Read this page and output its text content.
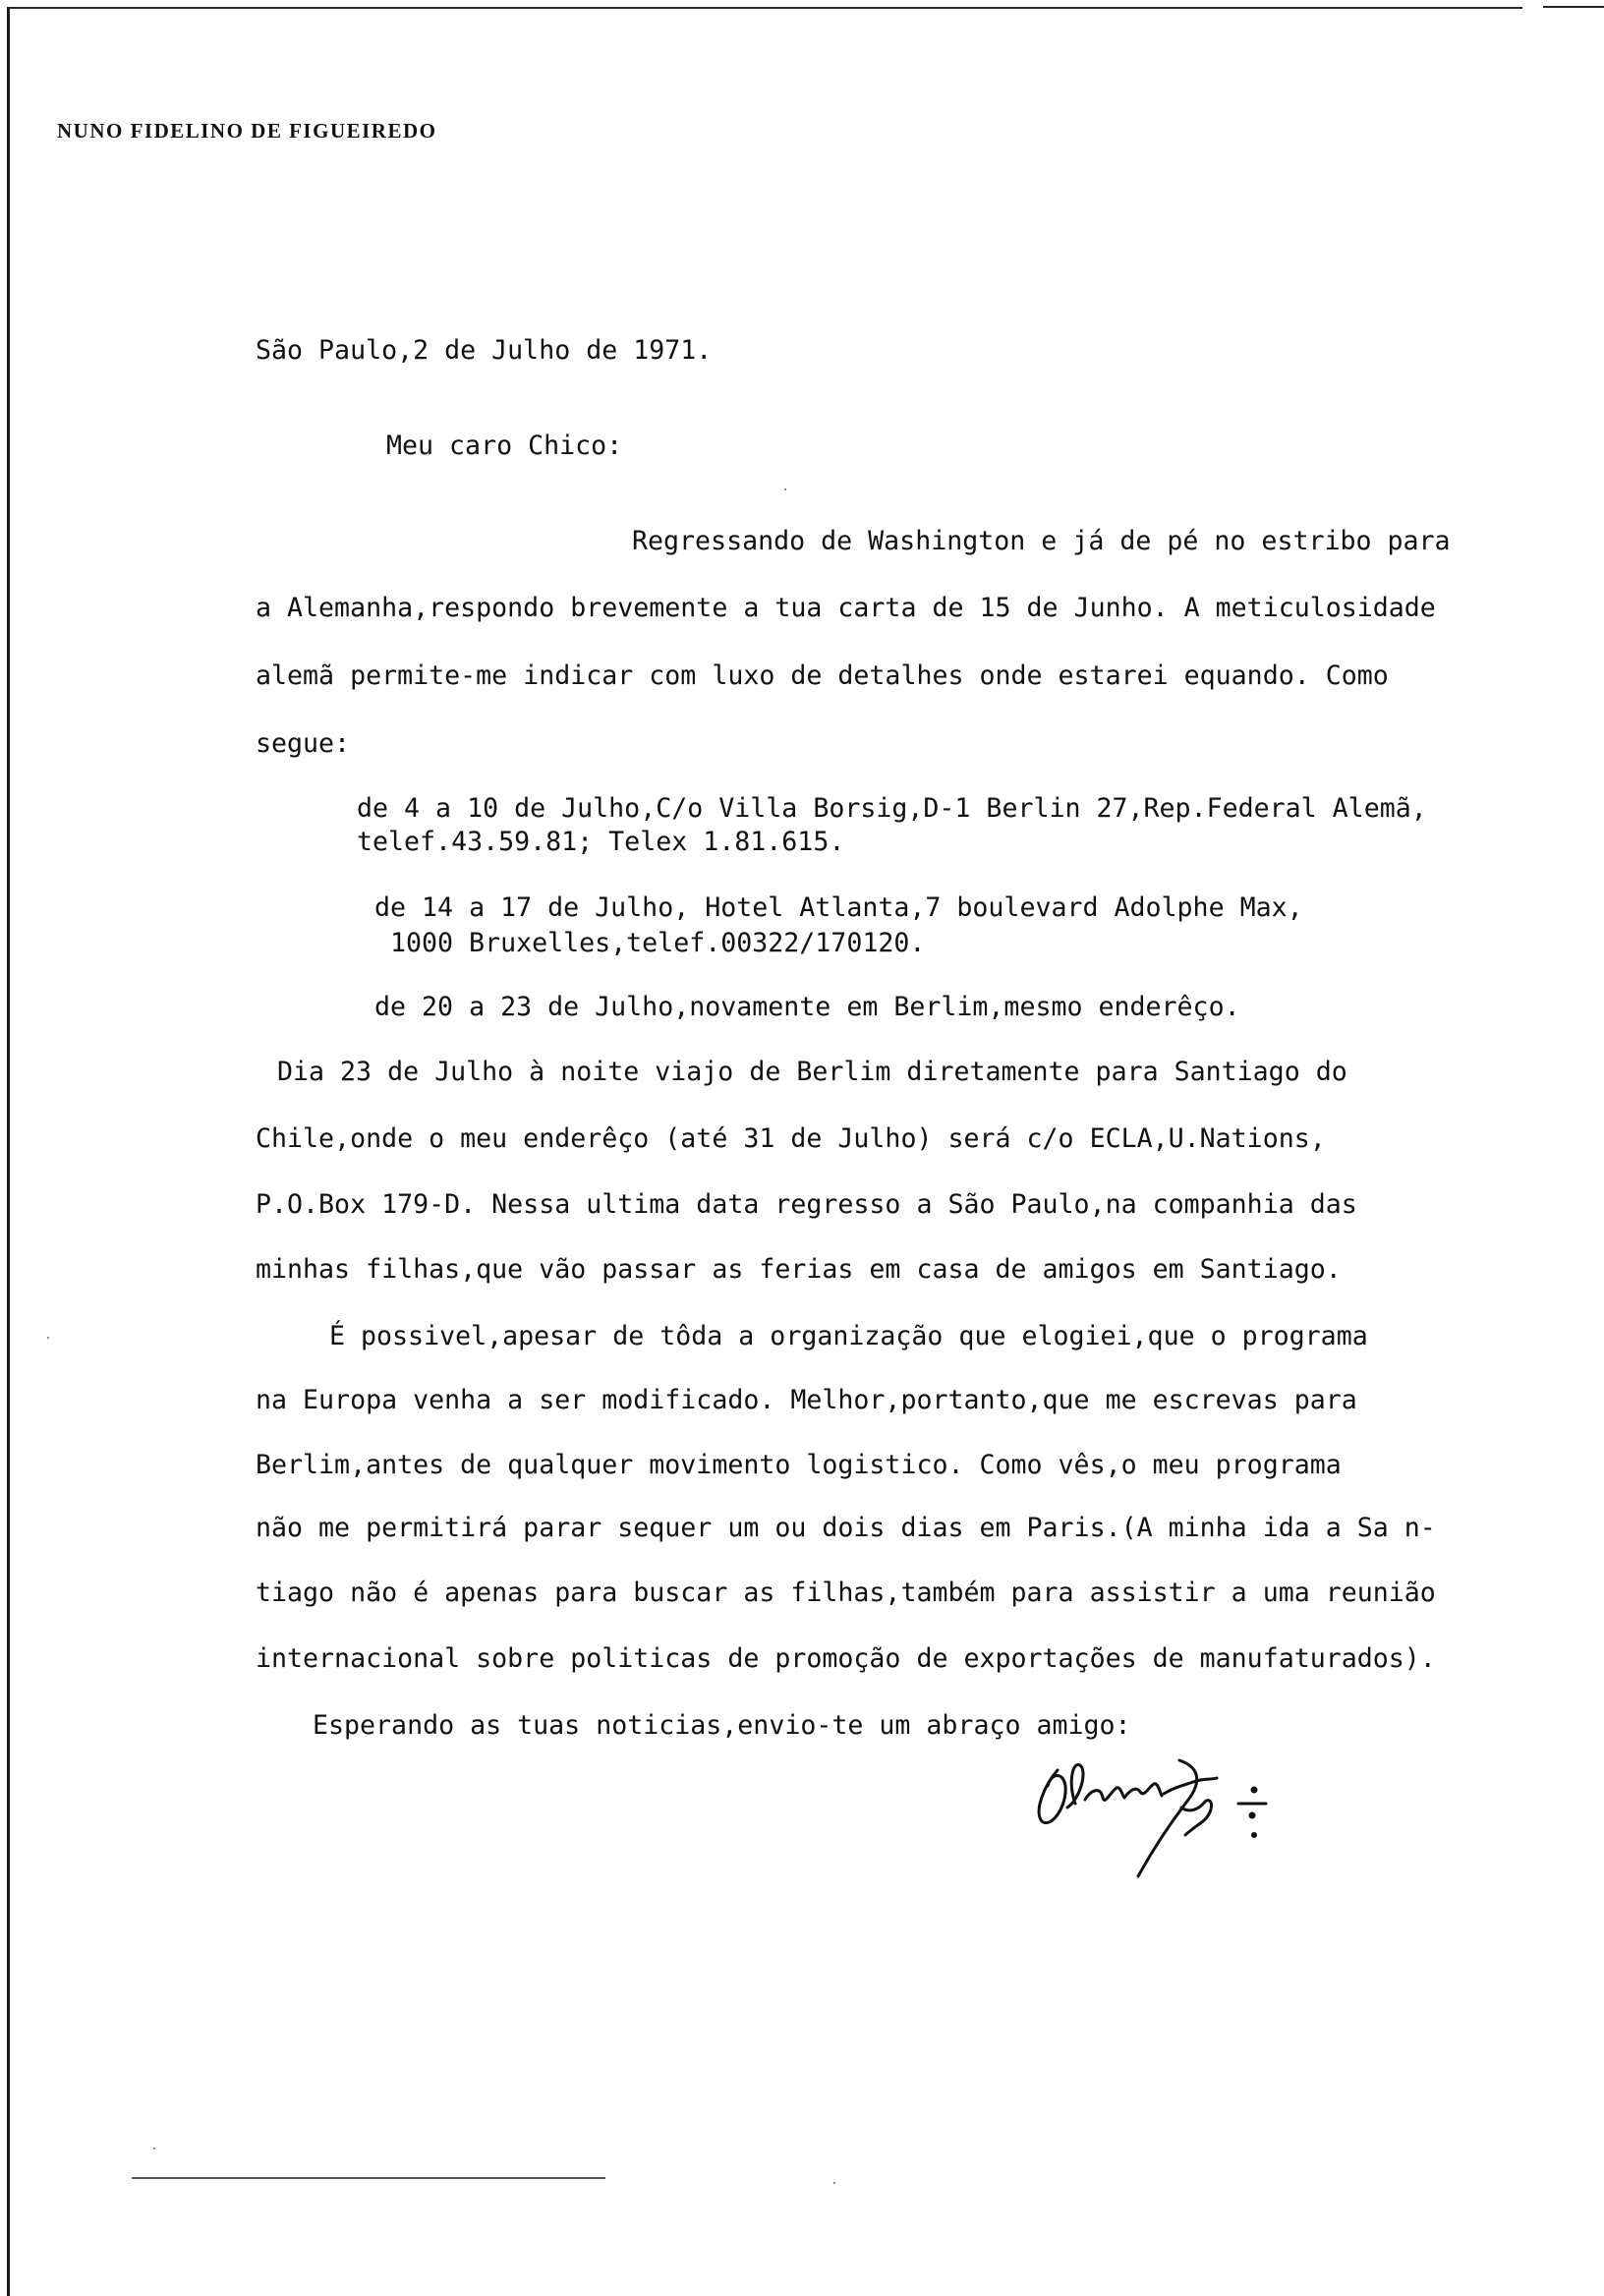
NUNO FIDELINO DE FIGUEIREDO
São Paulo,2 de Julho de 1971.
Meu caro Chico:
Regressando de Washington e já de pé no estribo para
a Alemanha,respondo brevemente a tua carta de 15 de Junho. A meticulosidade
alemã permite-me indicar com luxo de detalhes onde estarei equando. Como
segue:
de 4 a 10 de Julho,C/o Villa Borsig,D-1 Berlin 27,Rep.Federal Alemã,
telef.43.59.81; Telex 1.81.615.
de 14 a 17 de Julho, Hotel Atlanta,7 boulevard Adolphe Max,
1000 Bruxelles,telef.00322/170120.
de 20 a 23 de Julho,novamente em Berlim,mesmo enderêço.
Dia 23 de Julho à noite viajo de Berlim diretamente para Santiago do
Chile,onde o meu enderêço (até 31 de Julho) será c/o ECLA,U.Nations,
P.O.Box 179-D. Nessa ultima data regresso a São Paulo,na companhia das
minhas filhas,que vão passar as ferias em casa de amigos em Santiago.
É possivel,apesar de tôda a organização que elogiei,que o programa
na Europa venha a ser modificado. Melhor,portanto,que me escrevas para
Berlim,antes de qualquer movimento logistico. Como vês,o meu programa
não me permitirá parar sequer um ou dois dias em Paris.(A minha ida a Sa n-
tiago não é apenas para buscar as filhas,também para assistir a uma reunião
internacional sobre politicas de promoção de exportações de manufaturados).
Esperando as tuas noticias,envio-te um abraço amigo:
